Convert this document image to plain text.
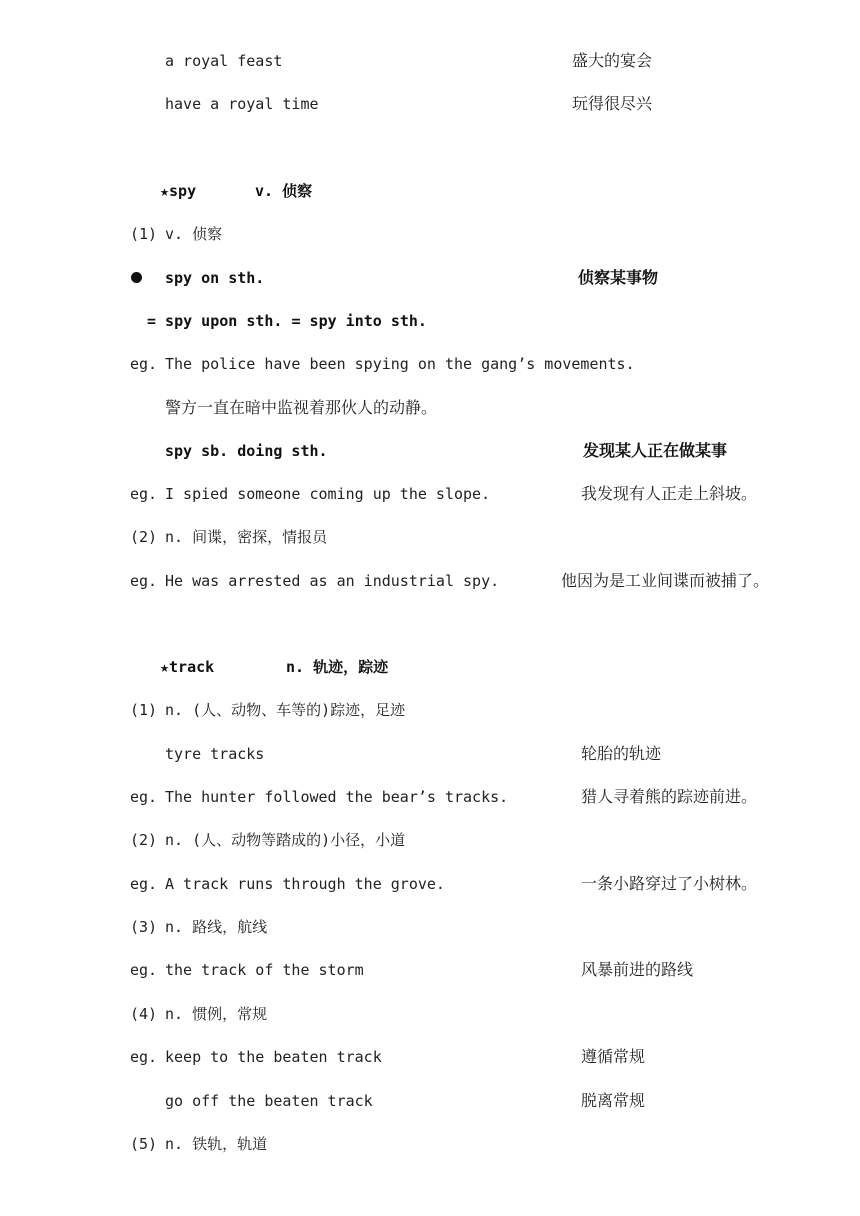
a royal feast	盛大的宴会
have a royal time	玩得很尽兴
★spy	v. 侦察
(1) v. 侦察
spy on sth.	侦察某事物
= spy upon sth. = spy into sth.
eg. The police have been spying on the gang’s movements.
警方一直在暗中监视着那伙人的动静。
spy sb. doing sth.	发现某人正在做某事
eg. I spied someone coming up the slope.	我发现有人正走上斜坡。
(2) n. 间谍，密探，情报员
eg. He was arrested as an industrial spy.	他因为是工业间谍而被捕了。
★track	n. 轨迹，踪迹
(1) n. (人、动物、车等的)踪迹，足迹
tyre tracks	轮胎的轨迹
eg. The hunter followed the bear’s tracks.	猎人寻着熊的踪迹前进。
(2) n. (人、动物等踏成的)小径，小道
eg. A track runs through the grove.	一条小路穿过了小树林。
(3) n. 路线，航线
eg. the track of the storm	风暴前进的路线
(4) n. 惯例，常规
eg. keep to the beaten track	遵循常规
go off the beaten track	脱离常规
(5) n. 铁轨，轨道
